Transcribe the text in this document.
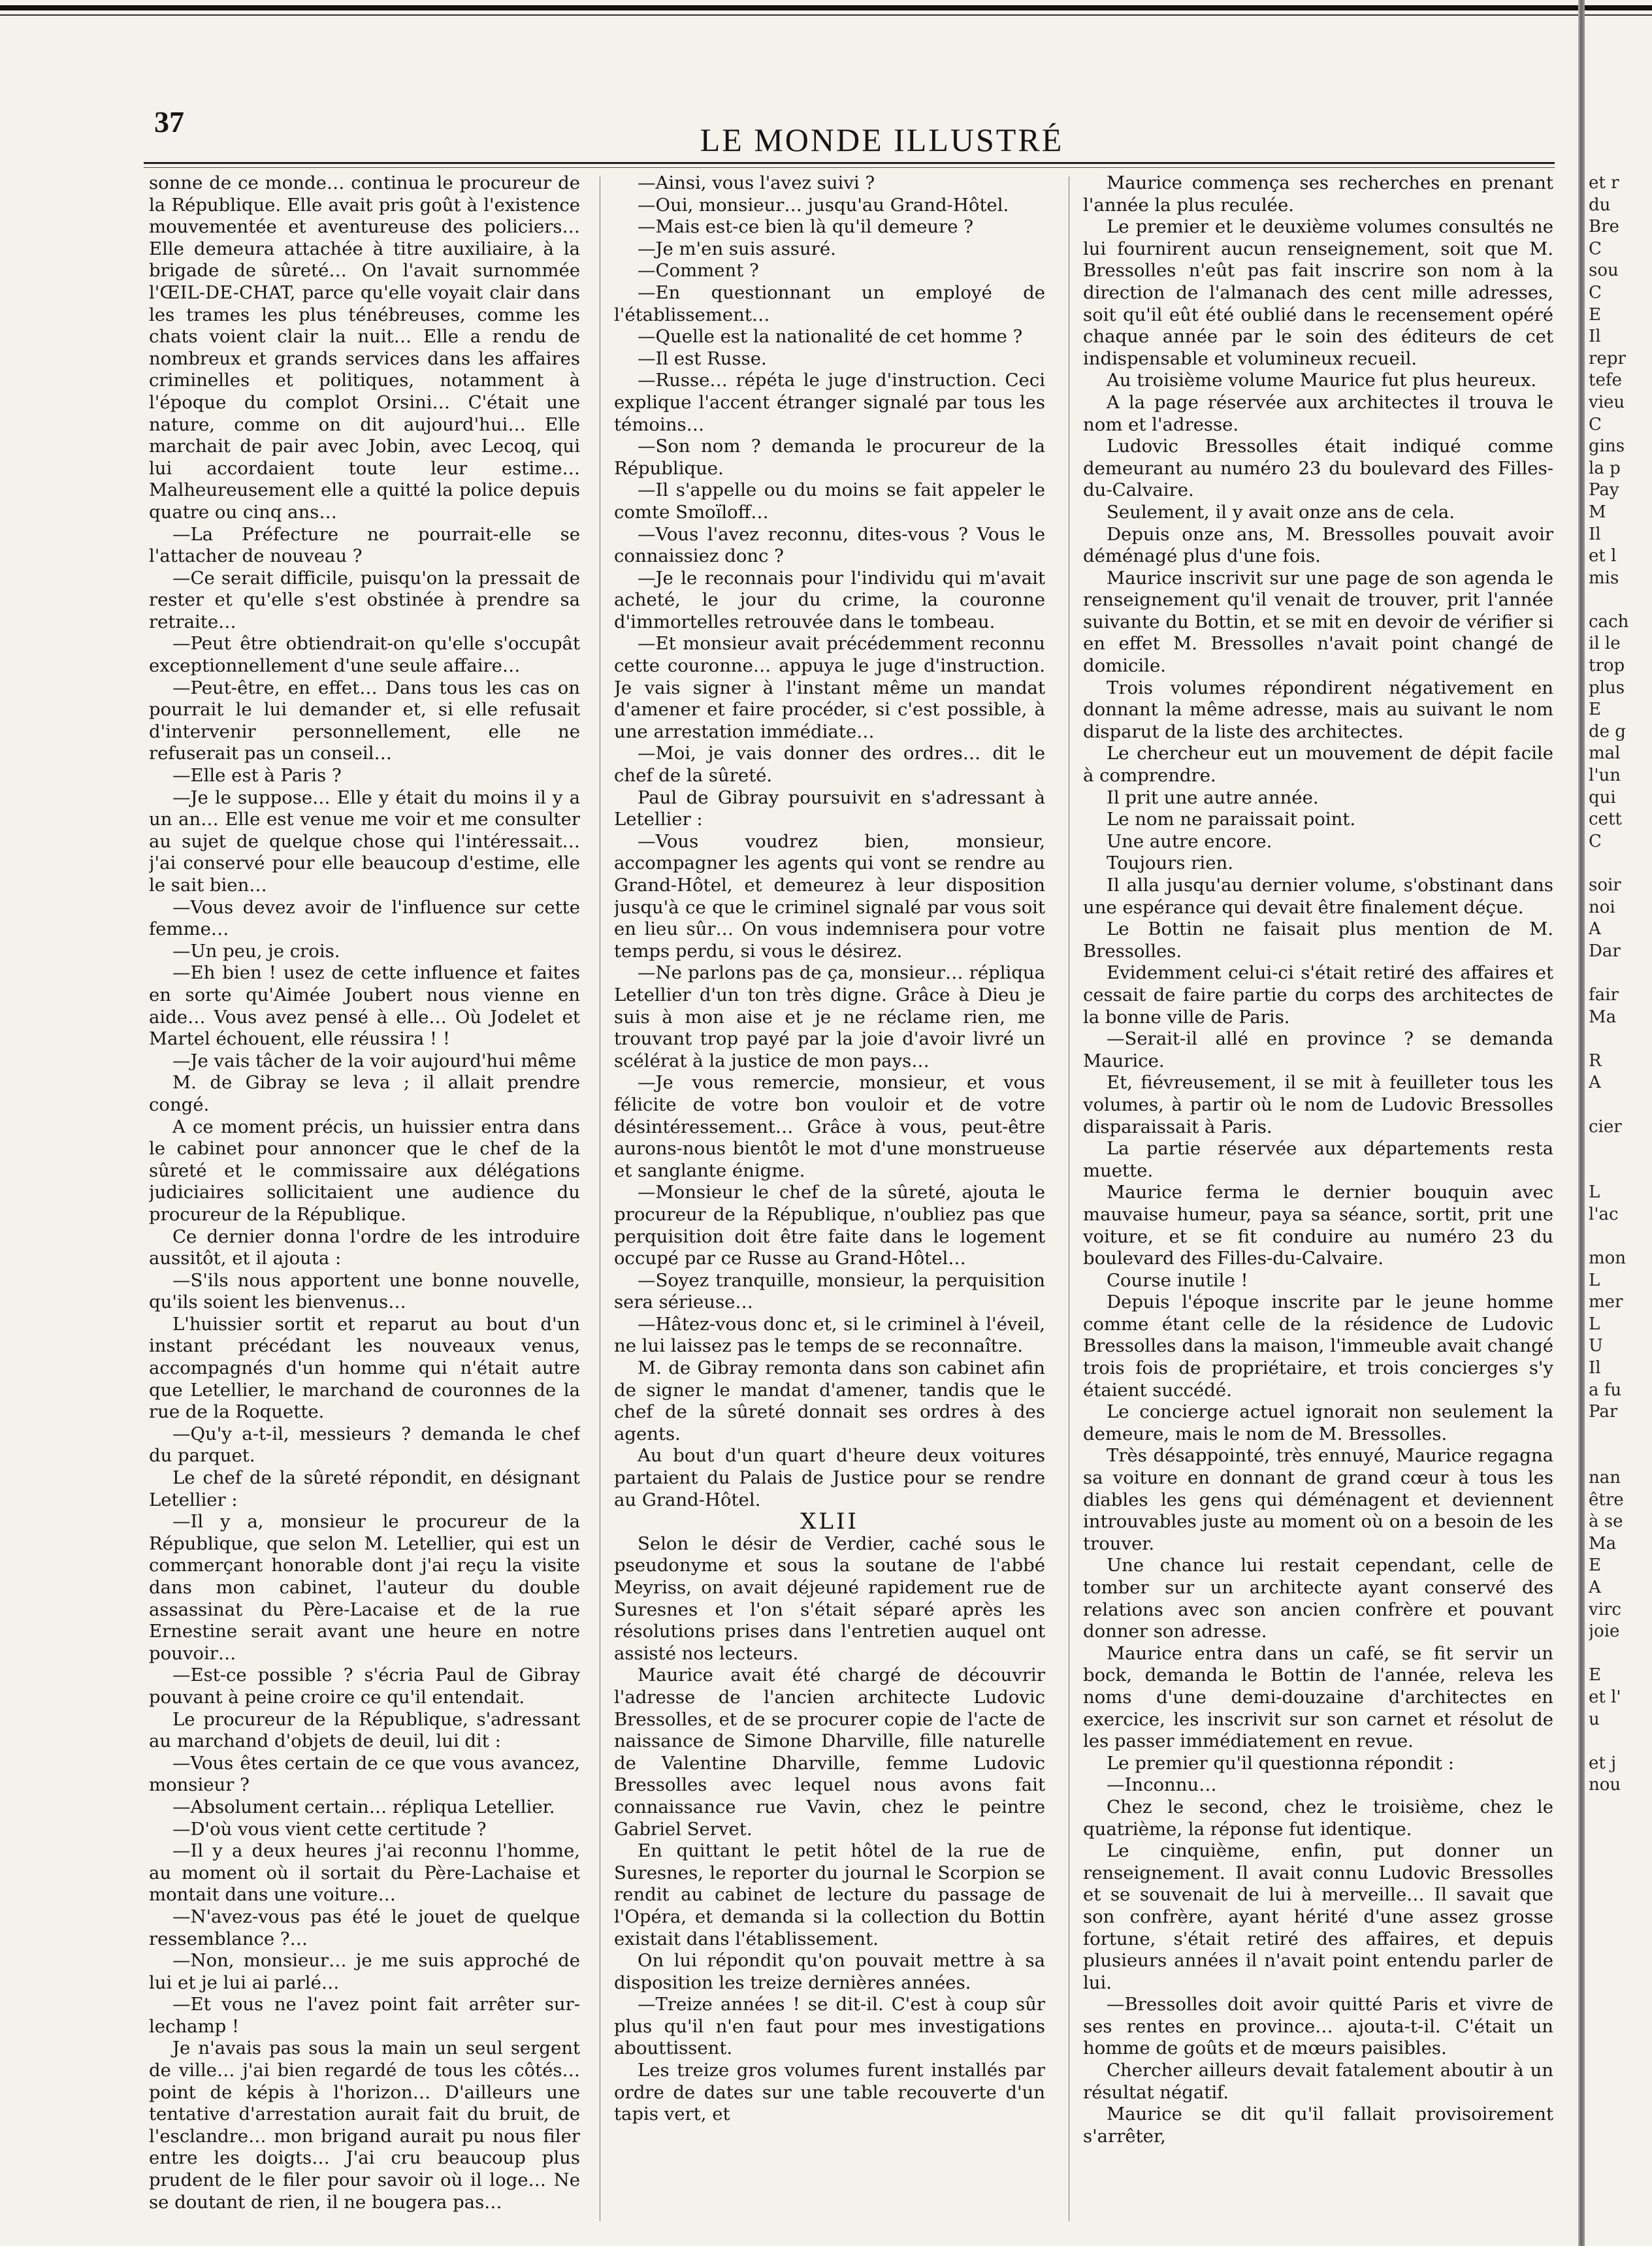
37	LE MONDE ILLUSTRÉ

sonne de ce monde… continua le procureur de la République. Elle avait pris goût à l'existence mouvementée et aventureuse des policiers… Elle demeura attachée à titre auxiliaire, à la brigade de sûreté… On l'avait surnommée l'ŒIL-DE-CHAT, parce qu'elle voyait clair dans les trames les plus ténébreuses, comme les chats voient clair la nuit… Elle a rendu de nombreux et grands services dans les affaires criminelles et politiques, notamment à l'époque du complot Orsini… C'était une nature, comme on dit aujourd'hui… Elle marchait de pair avec Jobin, avec Lecoq, qui lui accordaient toute leur estime… Malheureusement elle a quitté la police depuis quatre ou cinq ans…

—La Préfecture ne pourrait-elle se l'attacher de nouveau ?

—Ce serait difficile, puisqu'on la pressait de rester et qu'elle s'est obstinée à prendre sa retraite…

—Peut être obtiendrait-on qu'elle s'occupât exceptionnellement d'une seule affaire…

—Peut-être, en effet… Dans tous les cas on pourrait le lui demander et, si elle refusait d'intervenir personnellement, elle ne refuserait pas un conseil…

—Elle est à Paris ?

—Je le suppose… Elle y était du moins il y a un an… Elle est venue me voir et me consulter au sujet de quelque chose qui l'intéressait… j'ai conservé pour elle beaucoup d'estime, elle le sait bien…

—Vous devez avoir de l'influence sur cette femme…

—Un peu, je crois.

—Eh bien ! usez de cette influence et faites en sorte qu'Aimée Joubert nous vienne en aide… Vous avez pensé à elle… Où Jodelet et Martel échouent, elle réussira ! !

—Je vais tâcher de la voir aujourd'hui même

M. de Gibray se leva ; il allait prendre congé.

A ce moment précis, un huissier entra dans le cabinet pour annoncer que le chef de la sûreté et le commissaire aux délégations judiciaires sollicitaient une audience du procureur de la République.

Ce dernier donna l'ordre de les introduire aussitôt, et il ajouta :

—S'ils nous apportent une bonne nouvelle, qu'ils soient les bienvenus…

L'huissier sortit et reparut au bout d'un instant précédant les nouveaux venus, accompagnés d'un homme qui n'était autre que Letellier, le marchand de couronnes de la rue de la Roquette.

—Qu'y a-t-il, messieurs ? demanda le chef du parquet.

Le chef de la sûreté répondit, en désignant Letellier :

—Il y a, monsieur le procureur de la République, que selon M. Letellier, qui est un commerçant honorable dont j'ai reçu la visite dans mon cabinet, l'auteur du double assassinat du Père-Lacaise et de la rue Ernestine serait avant une heure en notre pouvoir…

—Est-ce possible ? s'écria Paul de Gibray pouvant à peine croire ce qu'il entendait.

Le procureur de la République, s'adressant au marchand d'objets de deuil, lui dit :

—Vous êtes certain de ce que vous avancez, monsieur ?

—Absolument certain… répliqua Letellier.

—D'où vous vient cette certitude ?

—Il y a deux heures j'ai reconnu l'homme, au moment où il sortait du Père-Lachaise et montait dans une voiture…

—N'avez-vous pas été le jouet de quelque ressemblance ?…

—Non, monsieur… je me suis approché de lui et je lui ai parlé…

—Et vous ne l'avez point fait arrêter sur-lechamp !

Je n'avais pas sous la main un seul sergent de ville… j'ai bien regardé de tous les côtés… point de képis à l'horizon… D'ailleurs une tentative d'arrestation aurait fait du bruit, de l'esclandre… mon brigand aurait pu nous filer entre les doigts… J'ai cru beaucoup plus prudent de le filer pour savoir où il loge… Ne se doutant de rien, il ne bougera pas…

—Ainsi, vous l'avez suivi ?

—Oui, monsieur… jusqu'au Grand-Hôtel.

—Mais est-ce bien là qu'il demeure ?

—Je m'en suis assuré.

—Comment ?

—En questionnant un employé de l'établissement…

—Quelle est la nationalité de cet homme ?

—Il est Russe.

—Russe… répéta le juge d'instruction. Ceci explique l'accent étranger signalé par tous les témoins…

—Son nom ? demanda le procureur de la République.

—Il s'appelle ou du moins se fait appeler le comte Smoïloff…

—Vous l'avez reconnu, dites-vous ? Vous le connaissiez donc ?

—Je le reconnais pour l'individu qui m'avait acheté, le jour du crime, la couronne d'immortelles retrouvée dans le tombeau.

—Et monsieur avait précédemment reconnu cette couronne… appuya le juge d'instruction. Je vais signer à l'instant même un mandat d'amener et faire procéder, si c'est possible, à une arrestation immédiate…

—Moi, je vais donner des ordres… dit le chef de la sûreté.

Paul de Gibray poursuivit en s'adressant à Letellier :

—Vous voudrez bien, monsieur, accompagner les agents qui vont se rendre au Grand-Hôtel, et demeurez à leur disposition jusqu'à ce que le criminel signalé par vous soit en lieu sûr… On vous indemnisera pour votre temps perdu, si vous le désirez.

—Ne parlons pas de ça, monsieur… répliqua Letellier d'un ton très digne. Grâce à Dieu je suis à mon aise et je ne réclame rien, me trouvant trop payé par la joie d'avoir livré un scélérat à la justice de mon pays…

—Je vous remercie, monsieur, et vous félicite de votre bon vouloir et de votre désintéressement… Grâce à vous, peut-être aurons-nous bientôt le mot d'une monstrueuse et sanglante énigme.

—Monsieur le chef de la sûreté, ajouta le procureur de la République, n'oubliez pas que perquisition doit être faite dans le logement occupé par ce Russe au Grand-Hôtel…

—Soyez tranquille, monsieur, la perquisition sera sérieuse…

—Hâtez-vous donc et, si le criminel à l'éveil, ne lui laissez pas le temps de se reconnaître.

M. de Gibray remonta dans son cabinet afin de signer le mandat d'amener, tandis que le chef de la sûreté donnait ses ordres à des agents.

Au bout d'un quart d'heure deux voitures partaient du Palais de Justice pour se rendre au Grand-Hôtel.

XLII

Selon le désir de Verdier, caché sous le pseudonyme et sous la soutane de l'abbé Meyriss, on avait déjeuné rapidement rue de Suresnes et l'on s'était séparé après les résolutions prises dans l'entretien auquel ont assisté nos lecteurs.

Maurice avait été chargé de découvrir l'adresse de l'ancien architecte Ludovic Bressolles, et de se procurer copie de l'acte de naissance de Simone Dharville, fille naturelle de Valentine Dharville, femme Ludovic Bressolles avec lequel nous avons fait connaissance rue Vavin, chez le peintre Gabriel Servet.

En quittant le petit hôtel de la rue de Suresnes, le reporter du journal le Scorpion se rendit au cabinet de lecture du passage de l'Opéra, et demanda si la collection du Bottin existait dans l'établissement.

On lui répondit qu'on pouvait mettre à sa disposition les treize dernières années.

—Treize années ! se dit-il. C'est à coup sûr plus qu'il n'en faut pour mes investigations abouttissent.

Les treize gros volumes furent installés par ordre de dates sur une table recouverte d'un tapis vert, et

Maurice commença ses recherches en prenant l'année la plus reculée.

Le premier et le deuxième volumes consultés ne lui fournirent aucun renseignement, soit que M. Bressolles n'eût pas fait inscrire son nom à la direction de l'almanach des cent mille adresses, soit qu'il eût été oublié dans le recensement opéré chaque année par le soin des éditeurs de cet indispensable et volumineux recueil.

Au troisième volume Maurice fut plus heureux.

A la page réservée aux architectes il trouva le nom et l'adresse.

Ludovic Bressolles était indiqué comme demeurant au numéro 23 du boulevard des Filles-du-Calvaire.

Seulement, il y avait onze ans de cela.

Depuis onze ans, M. Bressolles pouvait avoir déménagé plus d'une fois.

Maurice inscrivit sur une page de son agenda le renseignement qu'il venait de trouver, prit l'année suivante du Bottin, et se mit en devoir de vérifier si en effet M. Bressolles n'avait point changé de domicile.

Trois volumes répondirent négativement en donnant la même adresse, mais au suivant le nom disparut de la liste des architectes.

Le chercheur eut un mouvement de dépit facile à comprendre.

Il prit une autre année.

Le nom ne paraissait point.

Une autre encore.

Toujours rien.

Il alla jusqu'au dernier volume, s'obstinant dans une espérance qui devait être finalement déçue.

Le Bottin ne faisait plus mention de M. Bressolles.

Evidemment celui-ci s'était retiré des affaires et cessait de faire partie du corps des architectes de la bonne ville de Paris.

—Serait-il allé en province ? se demanda Maurice.

Et, fiévreusement, il se mit à feuilleter tous les volumes, à partir où le nom de Ludovic Bressolles disparaissait à Paris.

La partie réservée aux départements resta muette.

Maurice ferma le dernier bouquin avec mauvaise humeur, paya sa séance, sortit, prit une voiture, et se fit conduire au numéro 23 du boulevard des Filles-du-Calvaire.

Course inutile !

Depuis l'époque inscrite par le jeune homme comme étant celle de la résidence de Ludovic Bressolles dans la maison, l'immeuble avait changé trois fois de propriétaire, et trois concierges s'y étaient succédé.

Le concierge actuel ignorait non seulement la demeure, mais le nom de M. Bressolles.

Très désappointé, très ennuyé, Maurice regagna sa voiture en donnant de grand cœur à tous les diables les gens qui déménagent et deviennent introuvables juste au moment où on a besoin de les trouver.

Une chance lui restait cependant, celle de tomber sur un architecte ayant conservé des relations avec son ancien confrère et pouvant donner son adresse.

Maurice entra dans un café, se fit servir un bock, demanda le Bottin de l'année, releva les noms d'une demi-douzaine d'architectes en exercice, les inscrivit sur son carnet et résolut de les passer immédiatement en revue.

Le premier qu'il questionna répondit :

—Inconnu…

Chez le second, chez le troisième, chez le quatrième, la réponse fut identique.

Le cinquième, enfin, put donner un renseignement. Il avait connu Ludovic Bressolles et se souvenait de lui à merveille… Il savait que son confrère, ayant hérité d'une assez grosse fortune, s'était retiré des affaires, et depuis plusieurs années il n'avait point entendu parler de lui.

—Bressolles doit avoir quitté Paris et vivre de ses rentes en province… ajouta-t-il. C'était un homme de goûts et de mœurs paisibles.

Chercher ailleurs devait fatalement aboutir à un résultat négatif.

Maurice se dit qu'il fallait provisoirement s'arrêter,

et r
du
Bre
C
sou
C
E
Il
repr
tefe
vieu
C
gins
la p
Pay
M
Il
et l
mis

cach
il le
trop
plus
E
de g
mal
l'un
qui
cett
C

soir
noi
A
Dar

fair
Ma

R
A

cier

L
l'ac

mon
L
mer
L
U
Il
a fu
Par

nan
être
à se
Ma
E
A
virc
joie

E
et l'
u

et j
nou
